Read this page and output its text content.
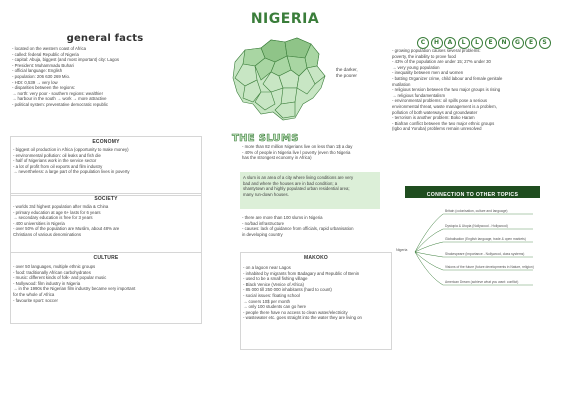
general facts
- located on the western coast of Africa
- called: federal Republic of Nigeria
- capital: Abuja, biggest (and most important) city: Lagos
- President: Muhammadu Buhari
- official language: English
- population: 206 630 269 Mio.
- HDI: 0,539 → very low
- disparities between the regions:
→ north: very poor - southern regions: wealthier
→ harbour in the south → work → more attractive
- political system: preventative democratic republic
ECONOMY
- biggest oil production in Africa (opportunity to make money)
- environmental pollution: oil leaks and fish die
- half of Nigerians work in the service sector
- a lot of profit from oil exports and film industry
→ nevertheless: a large part of the population lives in poverty
SOCIETY
- worlds 3rd highest population after India & China
- primary education at age 6+ lasts for 6 years
→ secondary education is free for 3 years
- 400 universities in Nigeria
- over 50% of the population are Muslim, about 48% are
Christians of various denominations
CULTURE
- over 50 languages, multiple ethnic groups
- food: traditionally African carbohydrates
- music: different kinds of folk- and popular music
- Nollywood: film industry in Nigeria
→ in the 1990s the Nigerian film industry became very important
for the whole of Africa
- favourite sport: soccer
NIGERIA
the darker,
the poorer
THE SLUMS
- more than 82 million Nigerians live on less than 1$ a day
- 40% of people in Nigeria live l poverty (even tho Nigeria
has the strongest economy in Africa)
A slum is an area of a city where living conditions are very
bad and where the houses are in bad condition; a
shantytown and highly populated urban residential area;
many run-down houses.
- there are more than 100 slums in Nigeria
- no/bad infrastructure
- causes: lack of guidance from officials, rapid urbanisation
in developing country
MAKOKO
- on a lagoon near Lagos
- inhabited by migrants from Badagary and Republic of Benin
- used to be a small fishing village
- Black Venice (Venice of Africa)
- 85 000 till 250 000 inhabitants (hard to count)
- social issues: floating school
→ covers 10$ per month
→ only 100 students can go here
- people there have no access to clean water/electricity
- wastewater etc. goes straight into the water they are living on
C H A L L E N G E S
- growing population causes several problems:
poverty, the inability to prove food
- 43% of the population are under 15; 27% under 30
→ very young population
- inequality between men and women
- batting Organizer crime, child labour and female genitale
mutilation
- religious tension between the two major groups is rising
→ religious fundamentalism
- environmental problems: oil spills pose a serious
environmental threat, waste management is a problem,
pollution of both waterways and groundwater
- terrorism is another problem: Boko Haram
- Biafran conflict between the two major ethnic groups
(Igbo and Yoruba) problems remain unresolved
CONNECTION TO OTHER TOPICS
Nigeria
Britain (colonisation, culture and language)
Dystopia & Utopia (Nollywood - Hollywood)
Globalisation (English language, trade & open markets)
Shakespeare (importance - Nollywood, class systems)
Visions of the future (future developments in Nature, religion)
American Dream (achieve what you want: conflict)
